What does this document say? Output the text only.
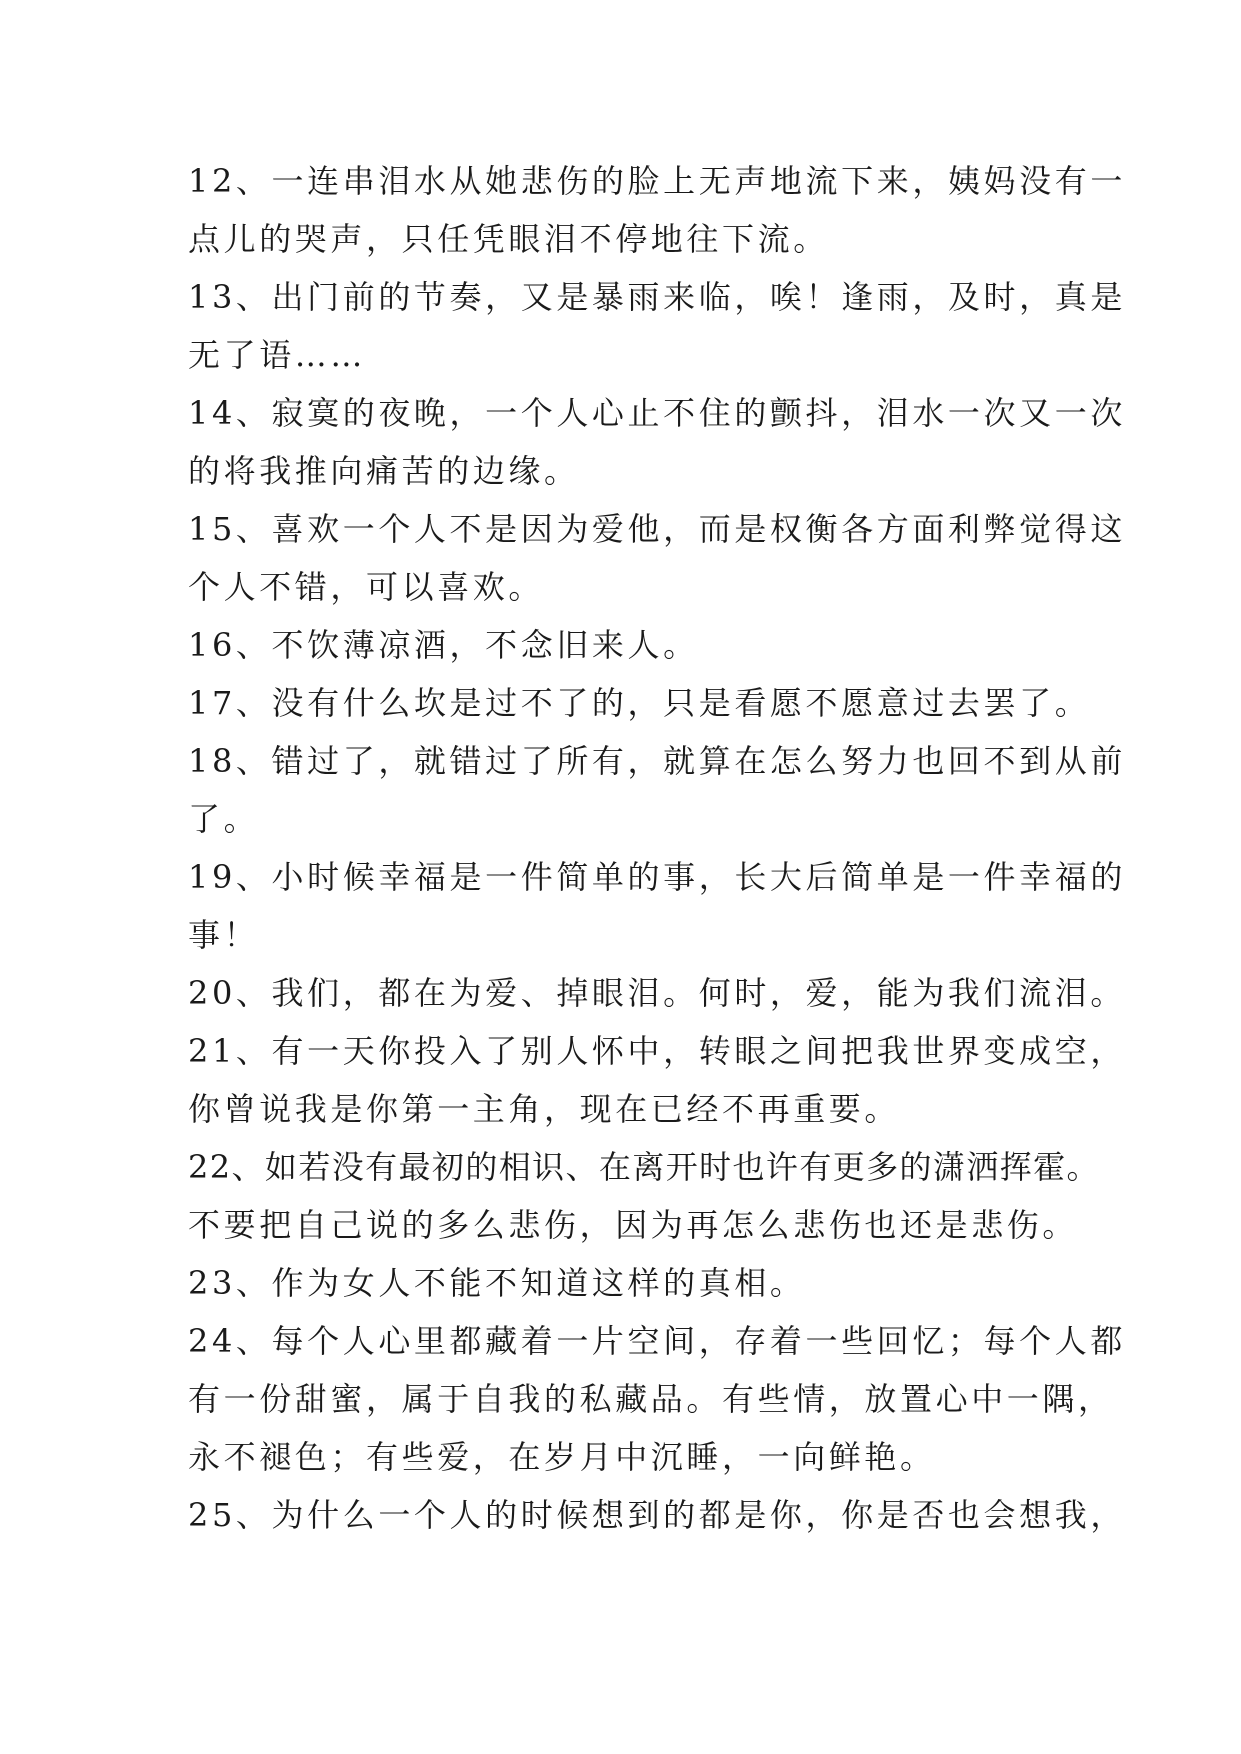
12、一连串泪水从她悲伤的脸上无声地流下来，姨妈没有一
点儿的哭声，只任凭眼泪不停地往下流。
13、出门前的节奏，又是暴雨来临，唉！逢雨，及时，真是
无了语……
14、寂寞的夜晚，一个人心止不住的颤抖，泪水一次又一次
的将我推向痛苦的边缘。
15、喜欢一个人不是因为爱他，而是权衡各方面利弊觉得这
个人不错，可以喜欢。
16、不饮薄凉酒，不念旧来人。
17、没有什么坎是过不了的，只是看愿不愿意过去罢了。
18、错过了，就错过了所有，就算在怎么努力也回不到从前
了。
19、小时候幸福是一件简单的事，长大后简单是一件幸福的
事！
20、我们，都在为爱、掉眼泪。何时，爱，能为我们流泪。
21、有一天你投入了别人怀中，转眼之间把我世界变成空，
你曾说我是你第一主角，现在已经不再重要。
22、如若没有最初的相识、在离开时也许有更多的潇洒挥霍。
不要把自己说的多么悲伤，因为再怎么悲伤也还是悲伤。
23、作为女人不能不知道这样的真相。
24、每个人心里都藏着一片空间，存着一些回忆；每个人都
有一份甜蜜，属于自我的私藏品。有些情，放置心中一隅，
永不褪色；有些爱，在岁月中沉睡，一向鲜艳。
25、为什么一个人的时候想到的都是你，你是否也会想我，
